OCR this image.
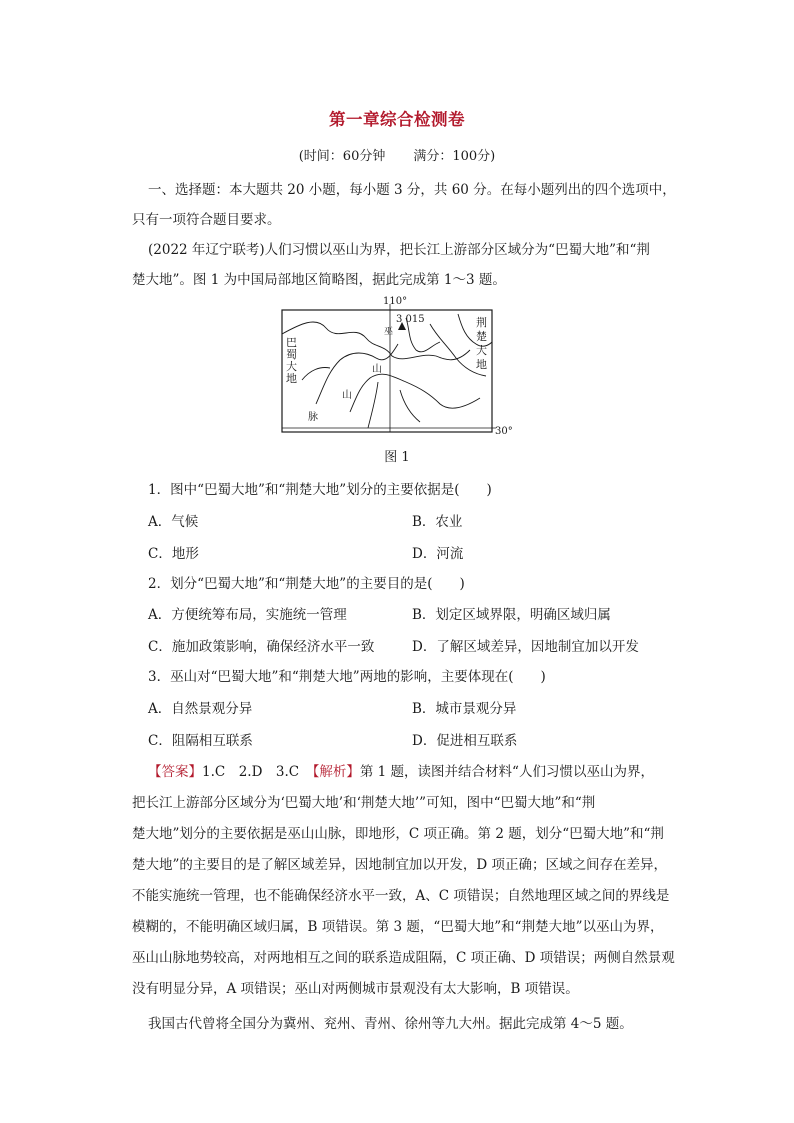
第一章综合检测卷
(时间：60分钟 满分：100分)
一、选择题：本大题共 20 小题，每小题 3 分，共 60 分。在每小题列出的四个选项中，
只有一项符合题目要求。
(2022 年辽宁联考)人们习惯以巫山为界，把长江上游部分区域分为“巴蜀大地”和“荆
楚大地”。图 1 为中国局部地区简略图，据此完成第 1～3 题。
110°
30°
3 015
巴
蜀
大
地
荆
楚
大
地
巫
山
山
脉
图 1
1．图中“巴蜀大地”和“荆楚大地”划分的主要依据是(　　)
A．气候	B．农业
C．地形	D．河流
2．划分“巴蜀大地”和“荆楚大地”的主要目的是(　　)
A．方便统筹布局，实施统一管理	B．划定区域界限，明确区域归属
C．施加政策影响，确保经济水平一致	D．了解区域差异，因地制宜加以开发
3．巫山对“巴蜀大地”和“荆楚大地”两地的影响，主要体现在(　　)
A．自然景观分异	B．城市景观分异
C．阻隔相互联系	D．促进相互联系
【答案】1.C　2.D　3.C　【解析】第 1 题，读图并结合材料“人们习惯以巫山为界，
把长江上游部分区域分为‘巴蜀大地’和‘荆楚大地’”可知，图中“巴蜀大地”和“荆
楚大地”划分的主要依据是巫山山脉，即地形，C 项正确。第 2 题，划分“巴蜀大地”和“荆
楚大地”的主要目的是了解区域差异，因地制宜加以开发，D 项正确；区域之间存在差异，
不能实施统一管理，也不能确保经济水平一致，A、C 项错误；自然地理区域之间的界线是
模糊的，不能明确区域归属，B 项错误。第 3 题，“巴蜀大地”和“荆楚大地”以巫山为界，
巫山山脉地势较高，对两地相互之间的联系造成阻隔，C 项正确、D 项错误；两侧自然景观
没有明显分异，A 项错误；巫山对两侧城市景观没有太大影响，B 项错误。
我国古代曾将全国分为冀州、兖州、青州、徐州等九大州。据此完成第 4～5 题。
